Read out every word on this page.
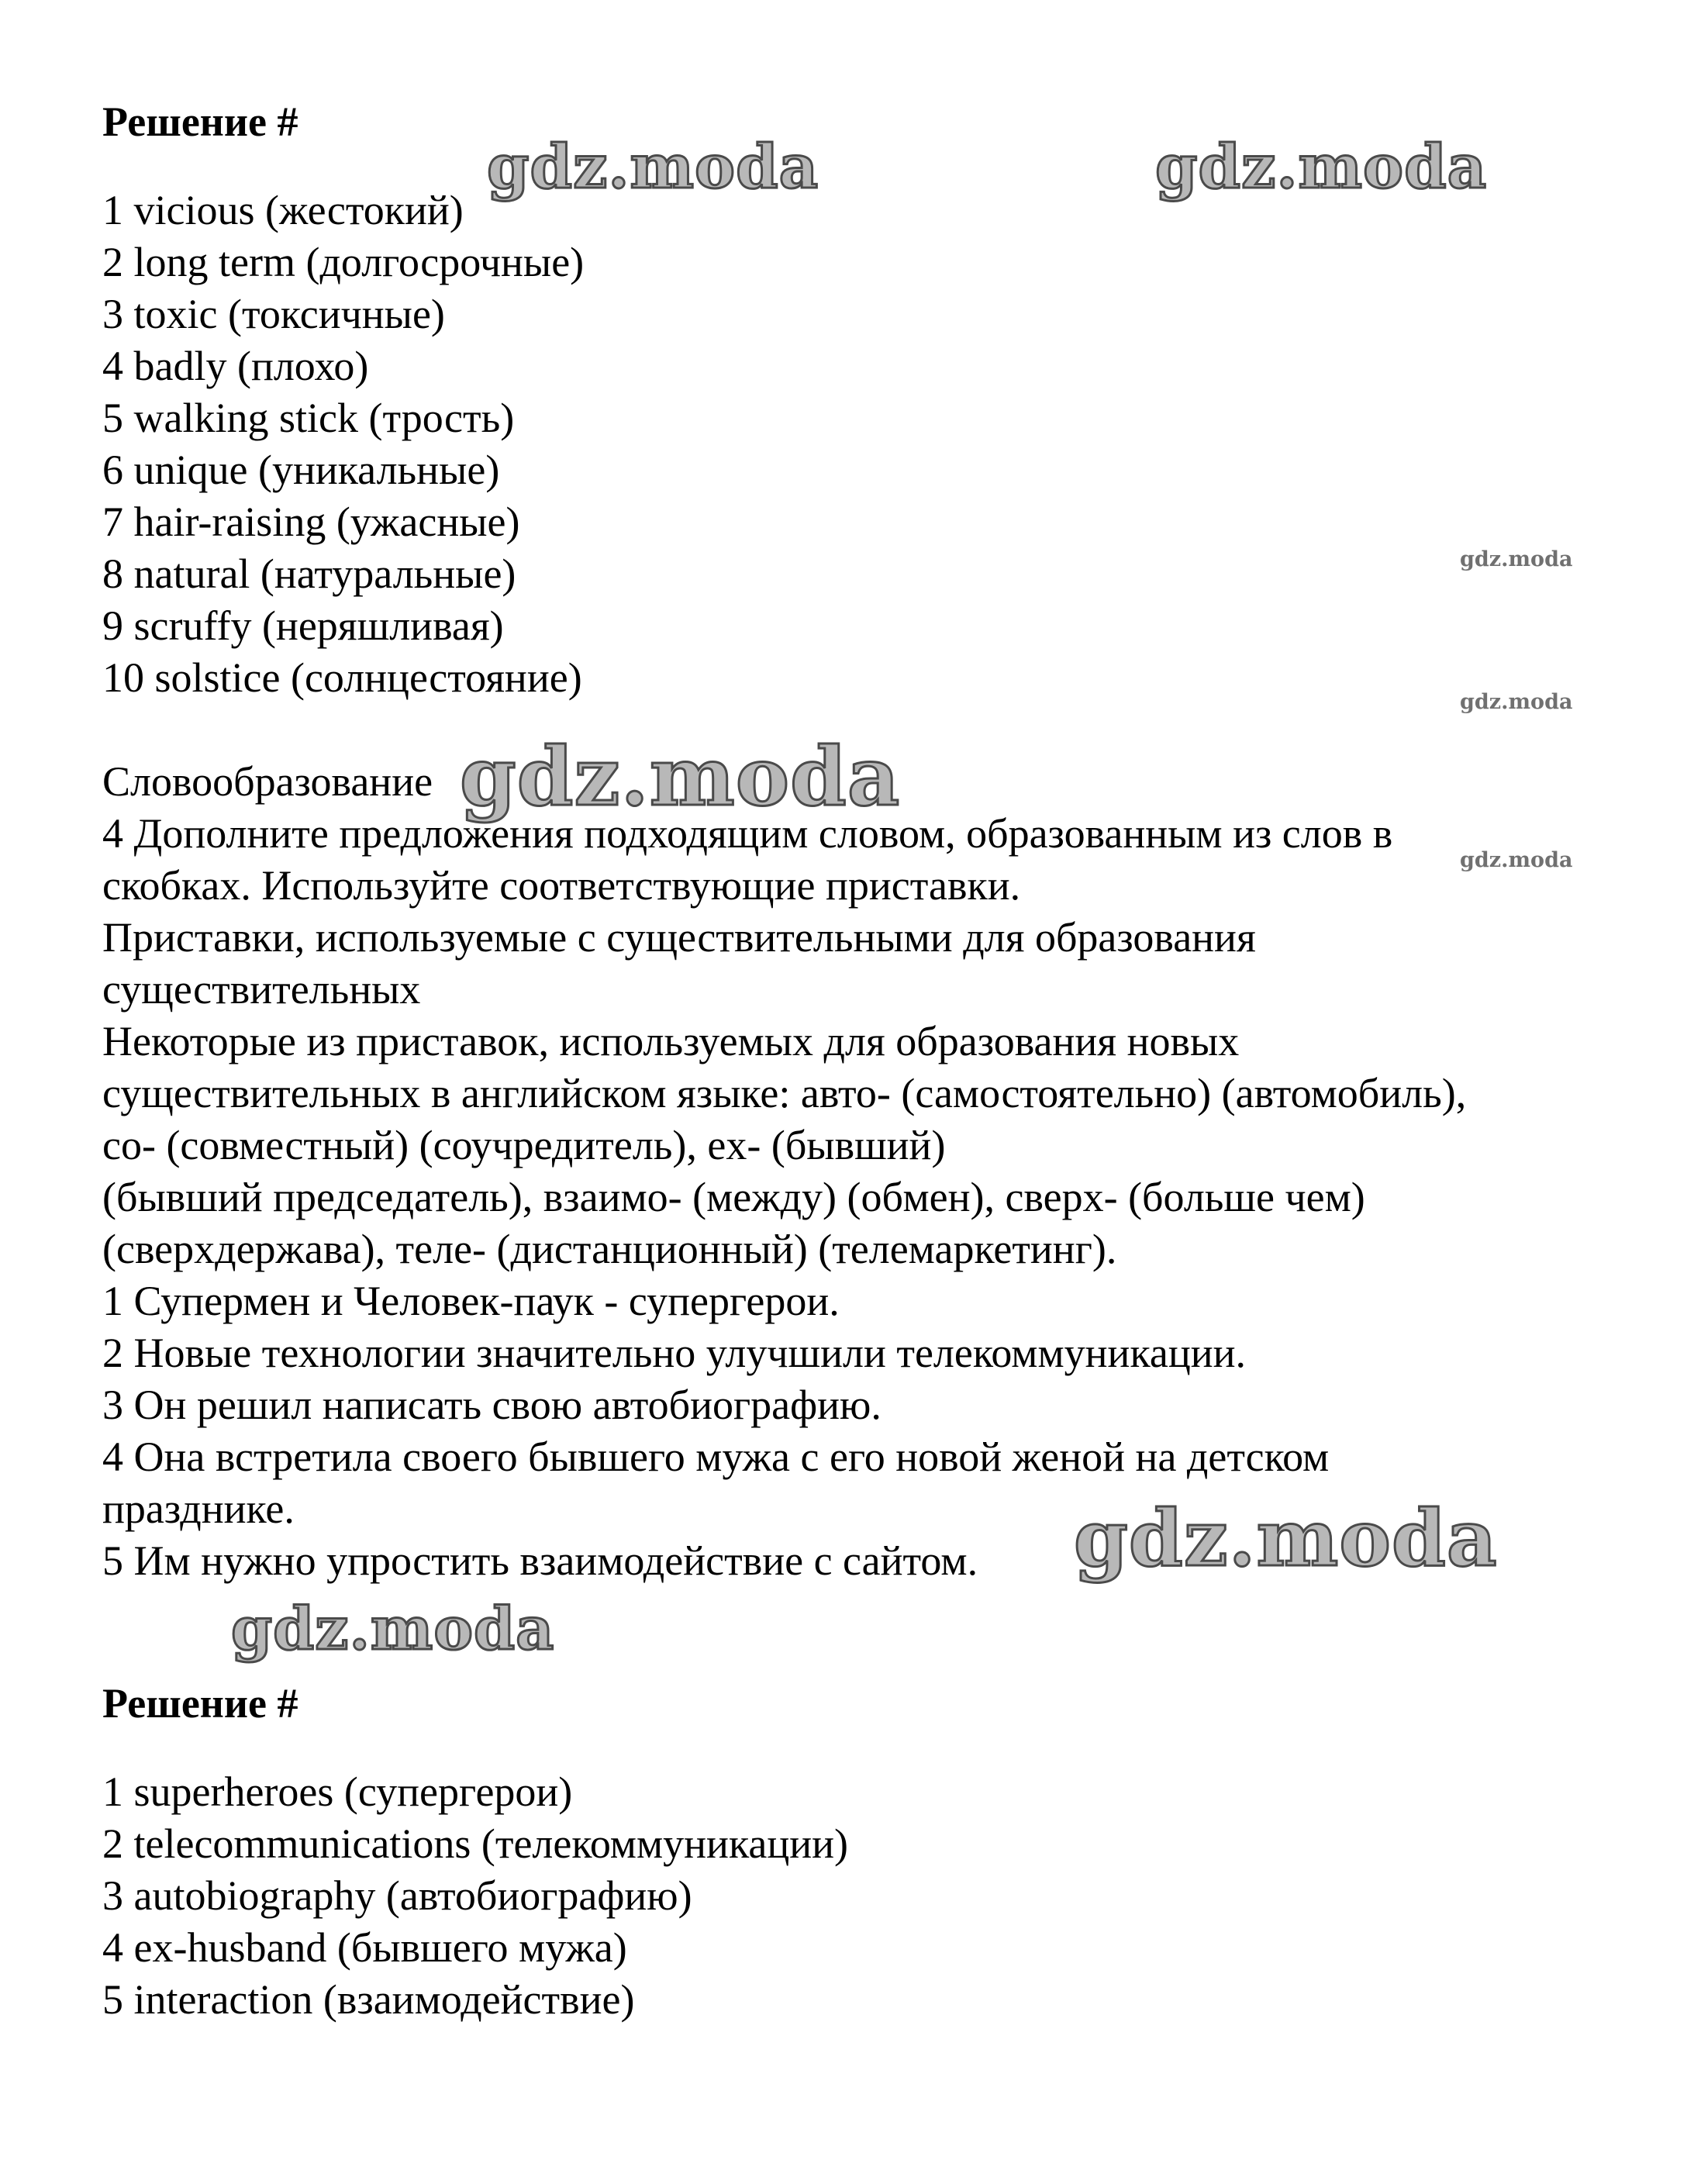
Решение #
1 vicious (жестокий)
2 long term (долгосрочные)
3 toxic (токсичные)
4 badly (плохо)
5 walking stick (трость)
6 unique (уникальные)
7 hair-raising (ужасные)
8 natural (натуральные)
9 scruffy (неряшливая)
10 solstice (солнцестояние)
Словообразование
4 Дополните предложения подходящим словом, образованным из слов в
скобках. Используйте соответствующие приставки.
Приставки, используемые с существительными для образования
существительных
Некоторые из приставок, используемых для образования новых
существительных в английском языке: авто- (самостоятельно) (автомобиль),
со- (совместный) (соучредитель), ex- (бывший)
(бывший председатель), взаимо- (между) (обмен), сверх- (больше чем)
(сверхдержава), теле- (дистанционный) (телемаркетинг).
1 Супермен и Человек-паук - супергерои.
2 Новые технологии значительно улучшили телекоммуникации.
3 Он решил написать свою автобиографию.
4 Она встретила своего бывшего мужа с его новой женой на детском
празднике.
5 Им нужно упростить взаимодействие с сайтом.
Решение #
1 superheroes (супергерои)
2 telecommunications (телекоммуникации)
3 autobiography (автобиографию)
4 ex-husband (бывшего мужа)
5 interaction (взаимодействие)
gdz.moda	gdz.moda
gdz.moda
gdz.moda
gdz.moda
gdz.moda
gdz.moda
gdz.moda
